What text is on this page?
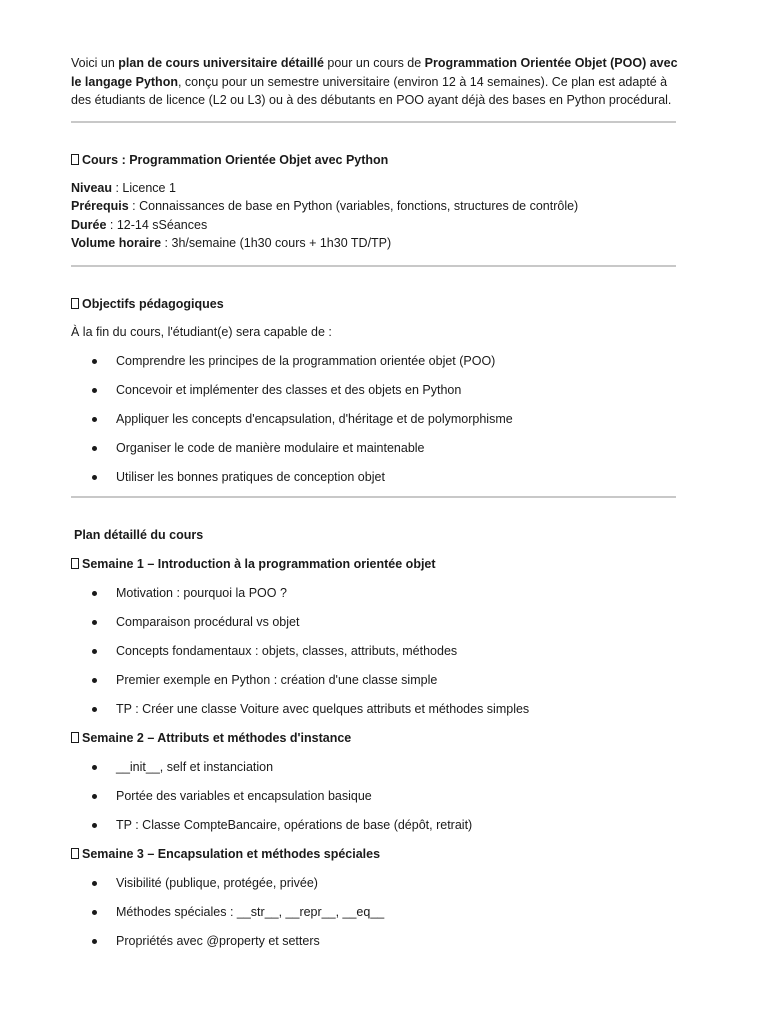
Voici un plan de cours universitaire détaillé pour un cours de Programmation Orientée Objet (POO) avec le langage Python, conçu pour un semestre universitaire (environ 12 à 14 semaines). Ce plan est adapté à des étudiants de licence (L2 ou L3) ou à des débutants en POO ayant déjà des bases en Python procédural.

Cours : Programmation Orientée Objet avec Python

Niveau : Licence 1
Prérequis : Connaissances de base en Python (variables, fonctions, structures de contrôle)
Durée : 12-14 sSéances
Volume horaire : 3h/semaine (1h30 cours + 1h30 TD/TP)

Objectifs pédagogiques

À la fin du cours, l'étudiant(e) sera capable de :

Comprendre les principes de la programmation orientée objet (POO)
Concevoir et implémenter des classes et des objets en Python
Appliquer les concepts d'encapsulation, d'héritage et de polymorphisme
Organiser le code de manière modulaire et maintenable
Utiliser les bonnes pratiques de conception objet

Plan détaillé du cours

Semaine 1 – Introduction à la programmation orientée objet

Motivation : pourquoi la POO ?
Comparaison procédural vs objet
Concepts fondamentaux : objets, classes, attributs, méthodes
Premier exemple en Python : création d'une classe simple
TP : Créer une classe Voiture avec quelques attributs et méthodes simples

Semaine 2 – Attributs et méthodes d'instance

__init__, self et instanciation
Portée des variables et encapsulation basique
TP : Classe CompteBancaire, opérations de base (dépôt, retrait)

Semaine 3 – Encapsulation et méthodes spéciales

Visibilité (publique, protégée, privée)
Méthodes spéciales : __str__, __repr__, __eq__
Propriétés avec @property et setters
